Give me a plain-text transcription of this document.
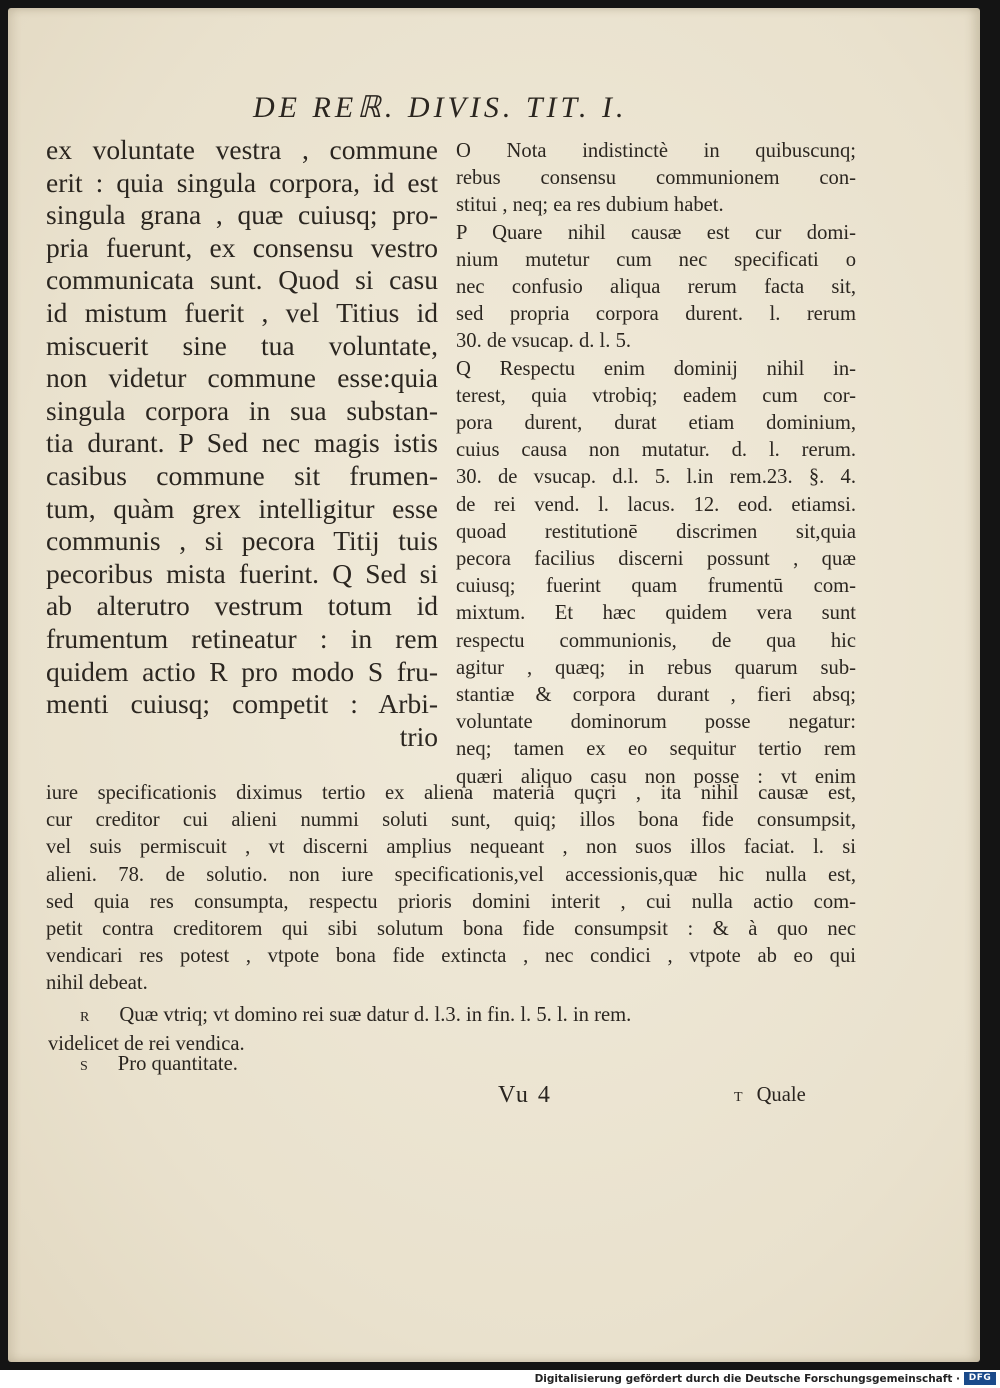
DE REℝ. DIVIS. TIT. I.
ex voluntate vestra , commune
erit : quia singula corpora, id est
singula grana , quæ cuiusq; pro-
pria fuerunt, ex consensu vestro
communicata sunt. Quod si casu
id mistum fuerit , vel Titius id
miscuerit sine tua voluntate,
non videtur commune esse:quia
singula corpora in sua substan-
tia durant. P Sed nec magis istis
casibus commune sit frumen-
tum, quàm grex intelligitur esse
communis , si pecora Titij tuis
pecoribus mista fuerint. Q Sed si
ab alterutro vestrum totum id
frumentum retineatur : in rem
quidem actio R pro modo S fru-
menti cuiusq; competit : Arbi-
trio
O Nota indistinctè in quibuscunq;
rebus consensu communionem con-
stitui , neq; ea res dubium habet.
P Quare nihil causæ est cur domi-
nium mutetur cum nec specificati o
nec confusio aliqua rerum facta sit,
sed propria corpora durent. l. rerum
30. de vsucap. d. l. 5.
Q Respectu enim dominij nihil in-
terest, quia vtrobiq; eadem cum cor-
pora durent, durat etiam dominium,
cuius causa non mutatur. d. l. rerum.
30. de vsucap. d.l. 5. l.in rem.23. §. 4.
de rei vend. l. lacus. 12. eod. etiamsi.
quoad restitutionē discrimen sit,quia
pecora facilius discerni possunt , quæ
cuiusq; fuerint quam frumentū com-
mixtum. Et hæc quidem vera sunt
respectu communionis, de qua hic
agitur , quæq; in rebus quarum sub-
stantiæ & corpora durant , fieri absq;
voluntate dominorum posse negatur:
neq; tamen ex eo sequitur tertio rem
quæri aliquo casu non posse : vt enim
iure specificationis diximus tertio ex aliena materia quçri , ita nihil causæ est,
cur creditor cui alieni nummi soluti sunt, quiq; illos bona fide consumpsit,
vel suis permiscuit , vt discerni amplius nequeant , non suos illos faciat. l. si
alieni. 78. de solutio. non iure specificationis,vel accessionis,quæ hic nulla est,
sed quia res consumpta, respectu prioris domini interit , cui nulla actio com-
petit contra creditorem qui sibi solutum bona fide consumpsit : & à quo nec
vendicari res potest , vtpote bona fide extincta , nec condici , vtpote ab eo qui
nihil debeat.
R Quæ vtriq; vt domino rei suæ datur d. l.3. in fin. l. 5. l. in rem.
videlicet de rei vendica.
S Pro quantitate.
Vu 4	T Quale
Digitalisierung gefördert durch die Deutsche Forschungsgemeinschaft · DFG
